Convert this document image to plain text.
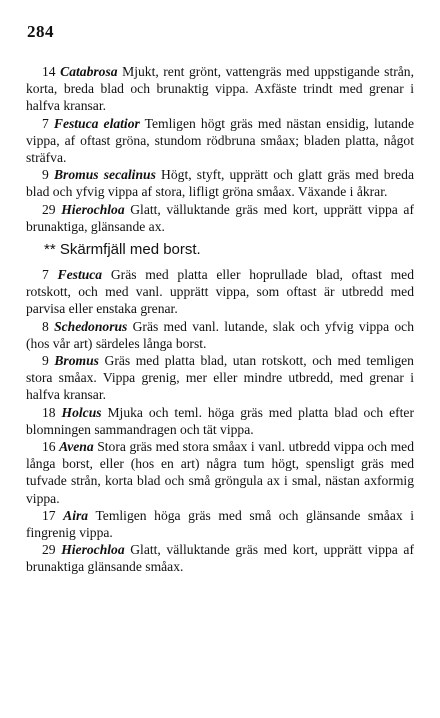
284

14 Catabrosa Mjukt, rent grönt, vattengräs med uppstigande strån, korta, breda blad och brunaktig vippa. Axfäste trindt med grenar i halfva kransar.

7 Festuca elatior Temligen högt gräs med nästan ensidig, lutande vippa, af oftast gröna, stundom rödbruna småax; bladen platta, något sträfva.

9 Bromus secalinus Högt, styft, upprätt och glatt gräs med breda blad och yfvig vippa af stora, lifligt gröna småax. Växande i åkrar.

29 Hierochloa Glatt, välluktande gräs med kort, upprätt vippa af brunaktiga, glänsande ax.

** Skärmfjäll med borst.

7 Festuca Gräs med platta eller hoprullade blad, oftast med rotskott, och med vanl. upprätt vippa, som oftast är utbredd med parvisa eller enstaka grenar.

8 Schedonorus Gräs med vanl. lutande, slak och yfvig vippa och (hos vår art) särdeles långa borst.

9 Bromus Gräs med platta blad, utan rotskott, och med temligen stora småax. Vippa grenig, mer eller mindre utbredd, med grenar i halfva kransar.

18 Holcus Mjuka och teml. höga gräs med platta blad och efter blomningen sammandragen och tät vippa.

16 Avena Stora gräs med stora småax i vanl. utbredd vippa och med långa borst, eller (hos en art) några tum högt, spensligt gräs med tufvade strån, korta blad och små gröngula ax i smal, nästan axformig vippa.

17 Aira Temligen höga gräs med små och glänsande småax i fingrenig vippa.

29 Hierochloa Glatt, välluktande gräs med kort, upprätt vippa af brunaktiga glänsande småax.
